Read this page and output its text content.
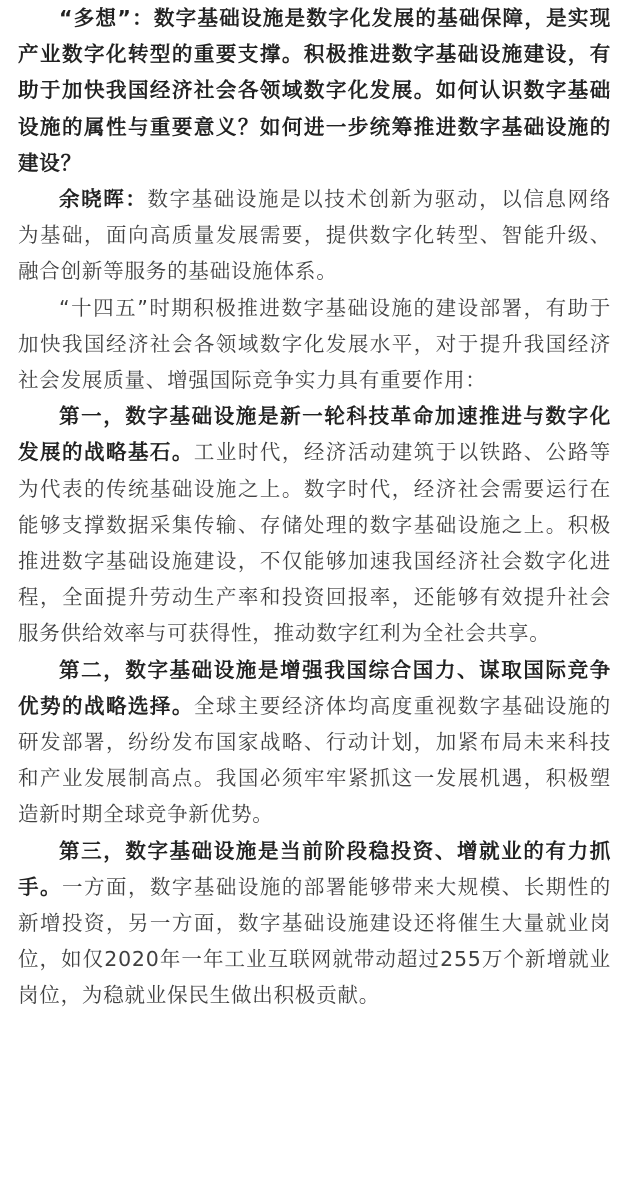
“多想”：数字基础设施是数字化发展的基础保障，是实现产业数字化转型的重要支撑。积极推进数字基础设施建设，有助于加快我国经济社会各领域数字化发展。如何认识数字基础设施的属性与重要意义？如何进一步统筹推进数字基础设施的建设？

余晓晖：数字基础设施是以技术创新为驱动，以信息网络为基础，面向高质量发展需要，提供数字化转型、智能升级、融合创新等服务的基础设施体系。

“十四五”时期积极推进数字基础设施的建设部署，有助于加快我国经济社会各领域数字化发展水平，对于提升我国经济社会发展质量、增强国际竞争实力具有重要作用：

第一，数字基础设施是新一轮科技革命加速推进与数字化发展的战略基石。工业时代，经济活动建筑于以铁路、公路等为代表的传统基础设施之上。数字时代，经济社会需要运行在能够支撑数据采集传输、存储处理的数字基础设施之上。积极推进数字基础设施建设，不仅能够加速我国经济社会数字化进程，全面提升劳动生产率和投资回报率，还能够有效提升社会服务供给效率与可获得性，推动数字红利为全社会共享。

第二，数字基础设施是增强我国综合国力、谋取国际竞争优势的战略选择。全球主要经济体均高度重视数字基础设施的研发部署，纷纷发布国家战略、行动计划，加紧布局未来科技和产业发展制高点。我国必须牢牢紧抓这一发展机遇，积极塑造新时期全球竞争新优势。

第三，数字基础设施是当前阶段稳投资、增就业的有力抓手。一方面，数字基础设施的部署能够带来大规模、长期性的新增投资，另一方面，数字基础设施建设还将催生大量就业岗位，如仅2020年一年工业互联网就带动超过255万个新增就业岗位，为稳就业保民生做出积极贡献。
